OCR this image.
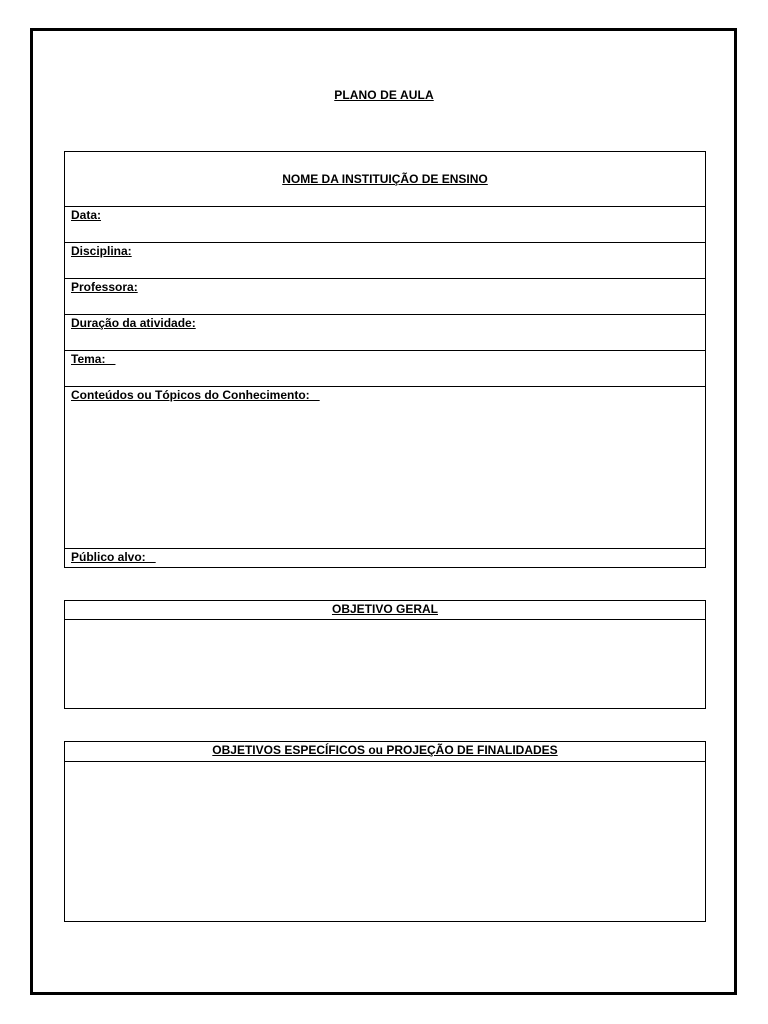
PLANO DE AULA
NOME DA INSTITUIÇÃO DE ENSINO
Data:
Disciplina:
Professora:
Duração da atividade:
Tema:
Conteúdos ou Tópicos do Conhecimento:
Público alvo:
OBJETIVO GERAL
OBJETIVOS ESPECÍFICOS ou PROJEÇÃO DE FINALIDADES
